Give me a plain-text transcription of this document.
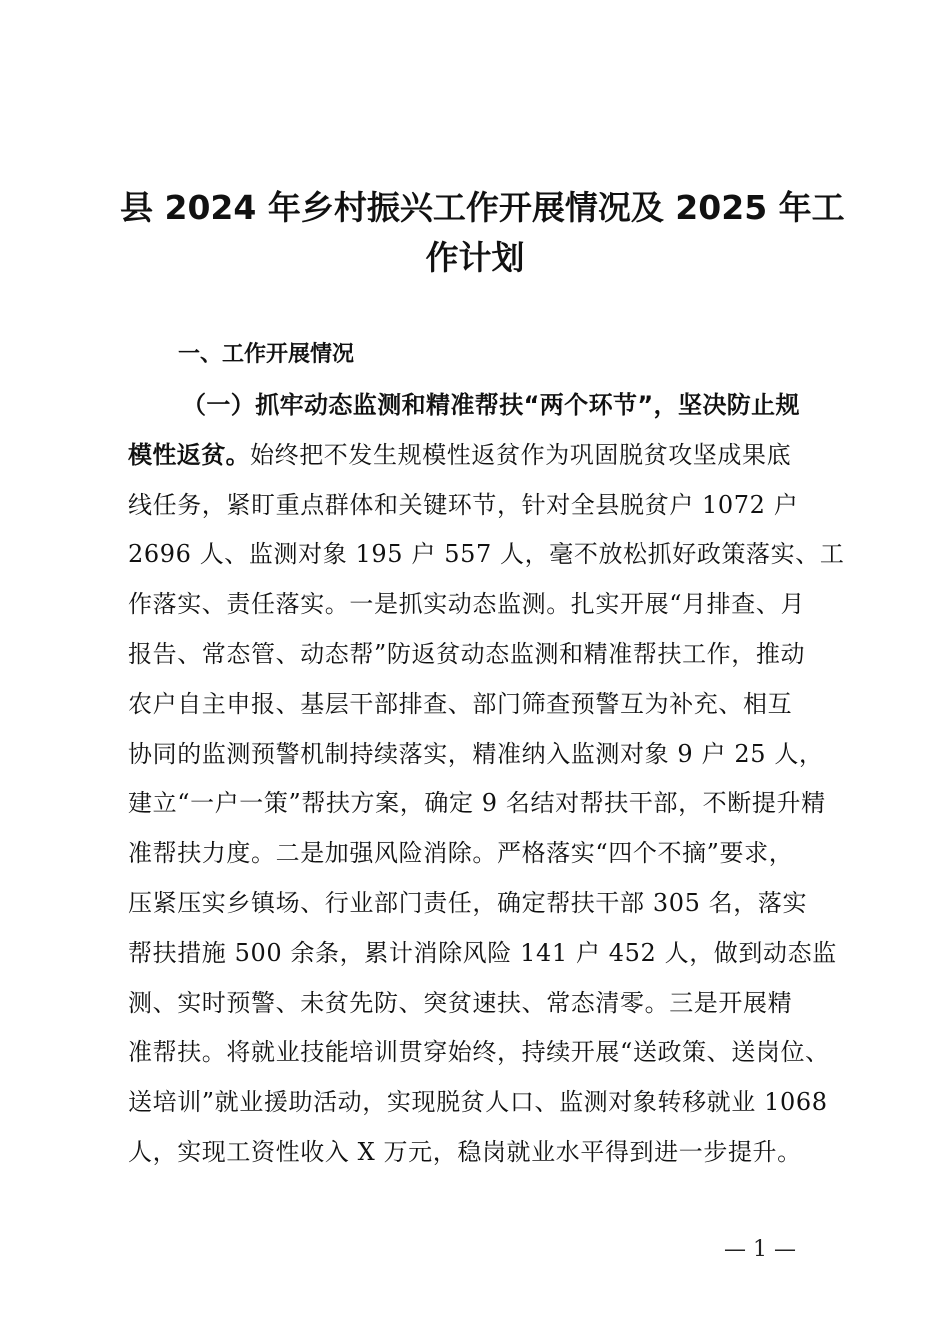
县 2024 年乡村振兴工作开展情况及 2025 年工
作计划
一、工作开展情况
（一）抓牢动态监测和精准帮扶“两个环节”，坚决防止规
模性返贫。始终把不发生规模性返贫作为巩固脱贫攻坚成果底
线任务，紧盯重点群体和关键环节，针对全县脱贫户 1072 户
2696 人、监测对象 195 户 557 人，毫不放松抓好政策落实、工
作落实、责任落实。一是抓实动态监测。扎实开展“月排查、月
报告、常态管、动态帮”防返贫动态监测和精准帮扶工作，推动
农户自主申报、基层干部排查、部门筛查预警互为补充、相互
协同的监测预警机制持续落实，精准纳入监测对象 9 户 25 人，
建立“一户一策”帮扶方案，确定 9 名结对帮扶干部，不断提升精
准帮扶力度。二是加强风险消除。严格落实“四个不摘”要求，
压紧压实乡镇场、行业部门责任，确定帮扶干部 305 名，落实
帮扶措施 500 余条，累计消除风险 141 户 452 人，做到动态监
测、实时预警、未贫先防、突贫速扶、常态清零。三是开展精
准帮扶。将就业技能培训贯穿始终，持续开展“送政策、送岗位、
送培训”就业援助活动，实现脱贫人口、监测对象转移就业 1068
人，实现工资性收入 X 万元，稳岗就业水平得到进一步提升。
— 1 —
